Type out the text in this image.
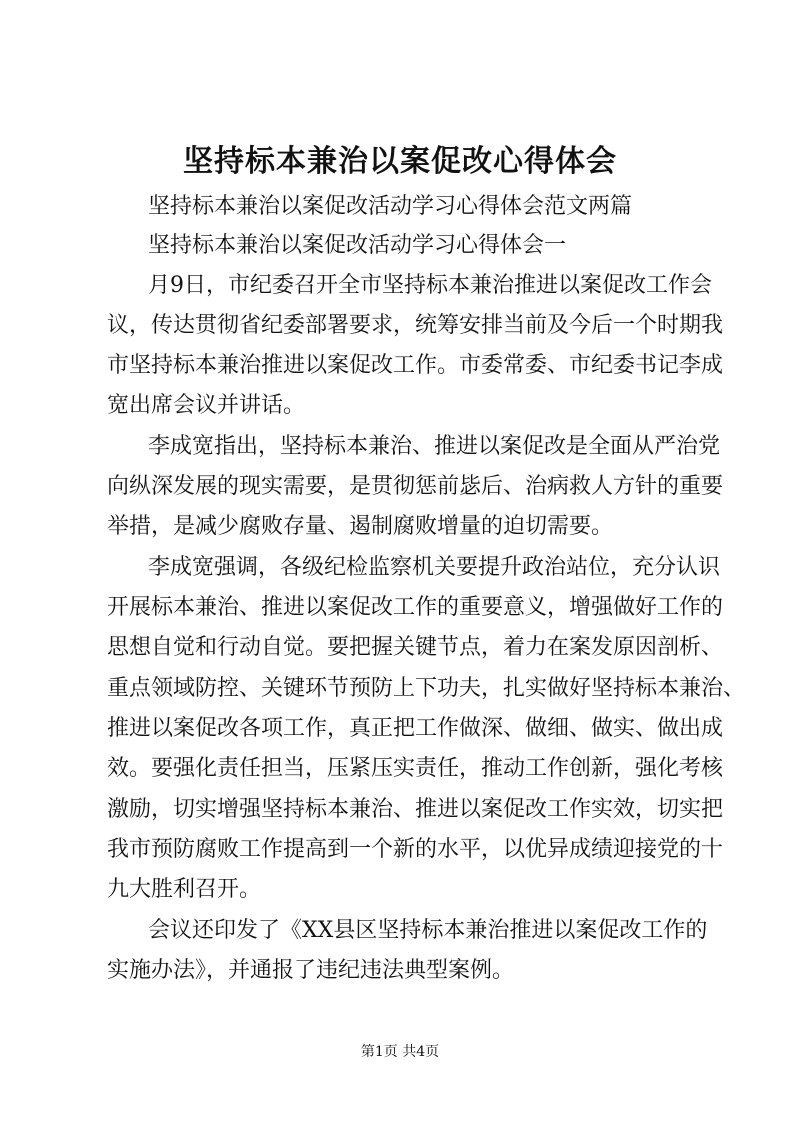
坚持标本兼治以案促改心得体会

坚持标本兼治以案促改活动学习心得体会范文两篇

坚持标本兼治以案促改活动学习心得体会一

月9日，市纪委召开全市坚持标本兼治推进以案促改工作会

议，传达贯彻省纪委部署要求，统筹安排当前及今后一个时期我

市坚持标本兼治推进以案促改工作。市委常委、市纪委书记李成

宽出席会议并讲话。

李成宽指出，坚持标本兼治、推进以案促改是全面从严治党

向纵深发展的现实需要，是贯彻惩前毖后、治病救人方针的重要

举措，是减少腐败存量、遏制腐败增量的迫切需要。

李成宽强调，各级纪检监察机关要提升政治站位，充分认识

开展标本兼治、推进以案促改工作的重要意义，增强做好工作的

思想自觉和行动自觉。要把握关键节点，着力在案发原因剖析、

重点领域防控、关键环节预防上下功夫，扎实做好坚持标本兼治、

推进以案促改各项工作，真正把工作做深、做细、做实、做出成

效。要强化责任担当，压紧压实责任，推动工作创新，强化考核

激励，切实增强坚持标本兼治、推进以案促改工作实效，切实把

我市预防腐败工作提高到一个新的水平，以优异成绩迎接党的十

九大胜利召开。

会议还印发了《XX县区坚持标本兼治推进以案促改工作的

实施办法》，并通报了违纪违法典型案例。

第1页 共4页
